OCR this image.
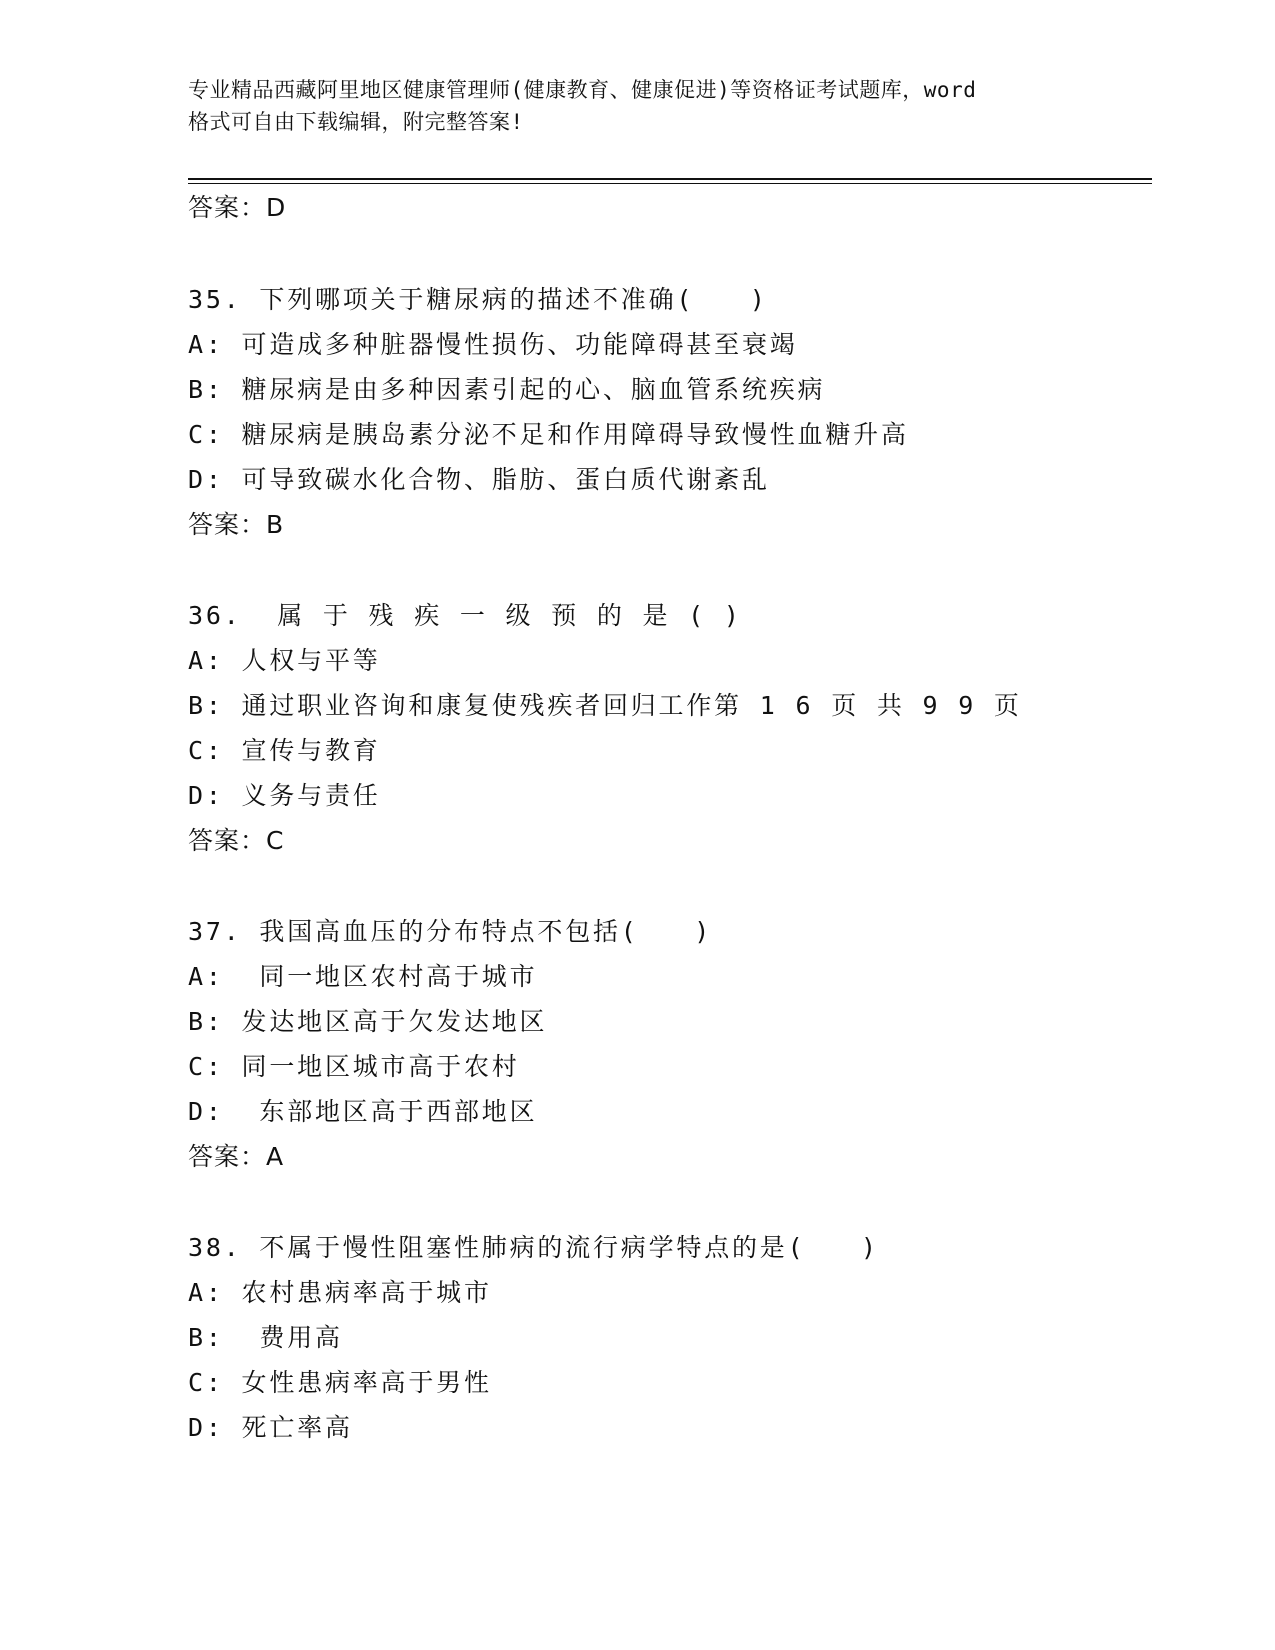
专业精品西藏阿里地区健康管理师(健康教育、健康促进)等资格证考试题库，word
格式可自由下载编辑，附完整答案!
答案：D
35. 下列哪项关于糖尿病的描述不准确(　　)
A: 可造成多种脏器慢性损伤、功能障碍甚至衰竭
B: 糖尿病是由多种因素引起的心、脑血管系统疾病
C: 糖尿病是胰岛素分泌不足和作用障碍导致慢性血糖升高
D: 可导致碳水化合物、脂肪、蛋白质代谢紊乱
答案：B
36.  属 于 残 疾 一 级 预 的 是 ( )
A: 人权与平等
B: 通过职业咨询和康复使残疾者回归工作第 1 6 页 共 9 9 页
C: 宣传与教育
D: 义务与责任
答案：C
37. 我国高血压的分布特点不包括(　　)
A:  同一地区农村高于城市
B: 发达地区高于欠发达地区
C: 同一地区城市高于农村
D:  东部地区高于西部地区
答案：A
38. 不属于慢性阻塞性肺病的流行病学特点的是(　　)
A: 农村患病率高于城市
B:  费用高
C: 女性患病率高于男性
D: 死亡率高
